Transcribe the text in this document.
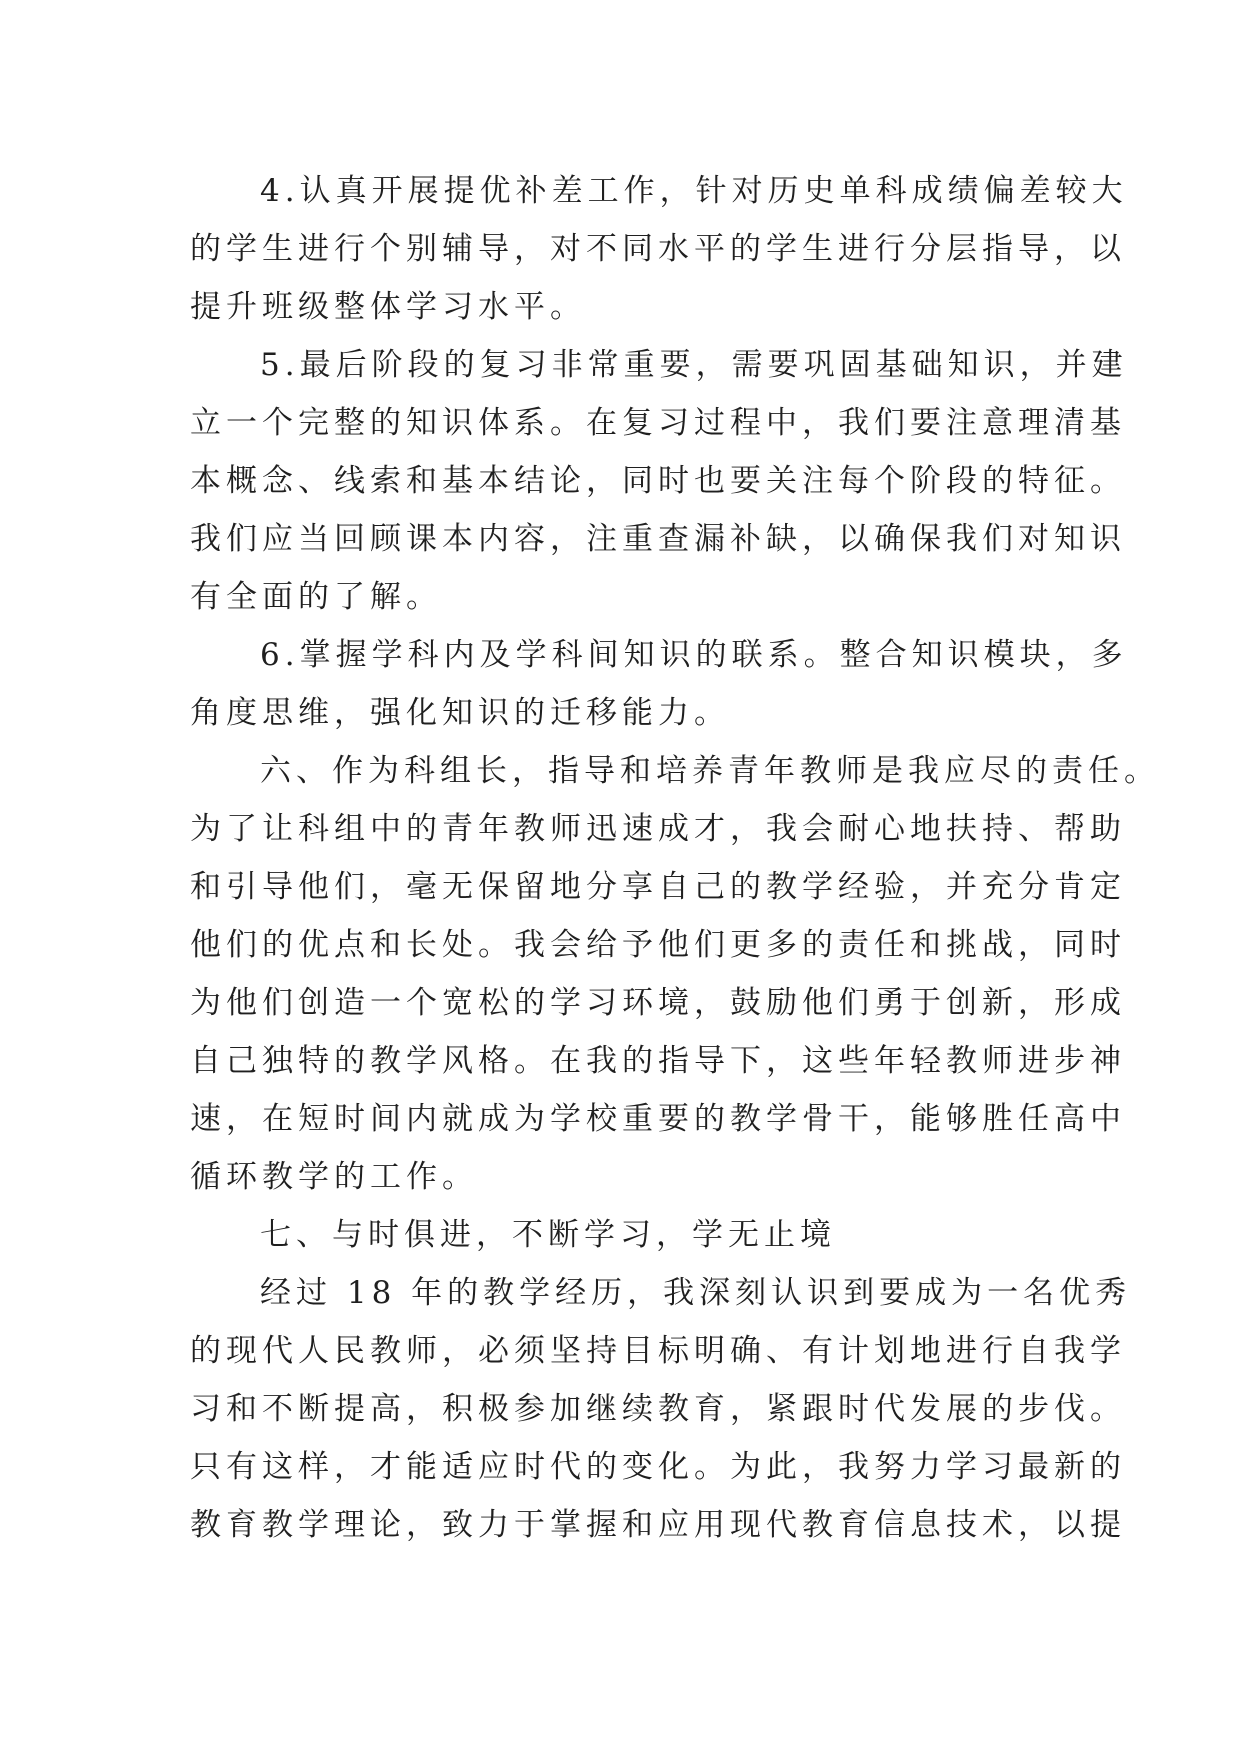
4.认真开展提优补差工作，针对历史单科成绩偏差较大
的学生进行个别辅导，对不同水平的学生进行分层指导，以
提升班级整体学习水平。
5.最后阶段的复习非常重要，需要巩固基础知识，并建
立一个完整的知识体系。在复习过程中，我们要注意理清基
本概念、线索和基本结论，同时也要关注每个阶段的特征。
我们应当回顾课本内容，注重查漏补缺，以确保我们对知识
有全面的了解。
6.掌握学科内及学科间知识的联系。整合知识模块，多
角度思维，强化知识的迁移能力。
六、作为科组长，指导和培养青年教师是我应尽的责任。
为了让科组中的青年教师迅速成才，我会耐心地扶持、帮助
和引导他们，毫无保留地分享自己的教学经验，并充分肯定
他们的优点和长处。我会给予他们更多的责任和挑战，同时
为他们创造一个宽松的学习环境，鼓励他们勇于创新，形成
自己独特的教学风格。在我的指导下，这些年轻教师进步神
速，在短时间内就成为学校重要的教学骨干，能够胜任高中
循环教学的工作。
七、与时俱进，不断学习，学无止境
经过 18 年的教学经历，我深刻认识到要成为一名优秀
的现代人民教师，必须坚持目标明确、有计划地进行自我学
习和不断提高，积极参加继续教育，紧跟时代发展的步伐。
只有这样，才能适应时代的变化。为此，我努力学习最新的
教育教学理论，致力于掌握和应用现代教育信息技术，以提
